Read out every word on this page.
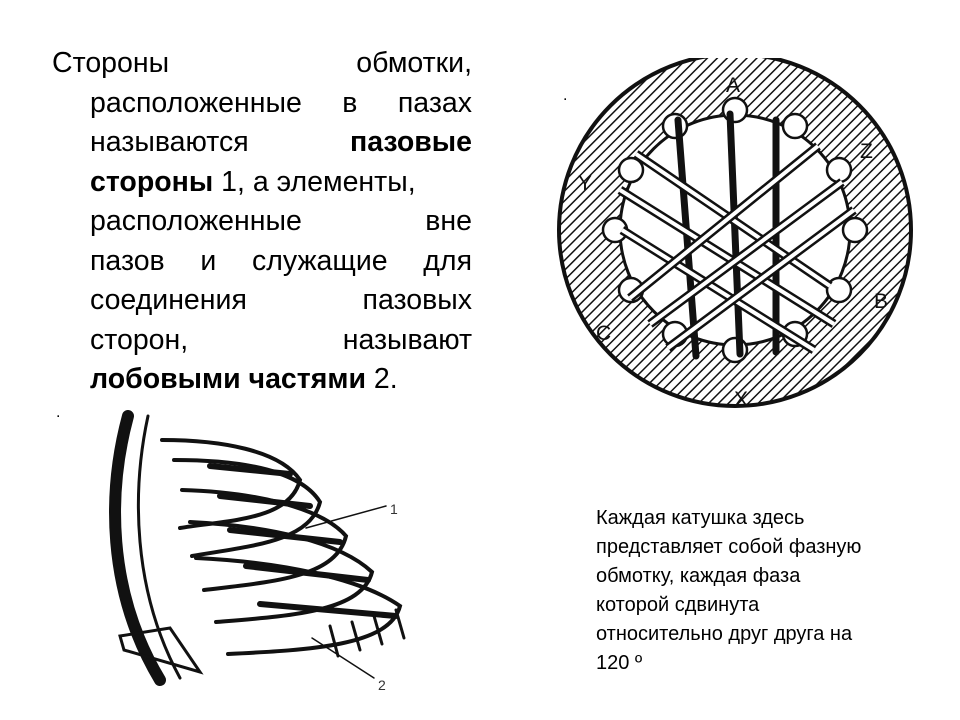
Стороны	обмотки,

расположенные в пазах

называются	пазовые

стороны 1, а элементы,

расположенные вне

пазов и служащие для

соединения пазовых

сторон, называют

лобовыми частями 2.

.
.
A
Z
Y
B
C
X
1
2
Каждая катушка здесь
представляет собой фазную
обмотку, каждая фаза
которой сдвинута
относительно друг друга на
120 º
